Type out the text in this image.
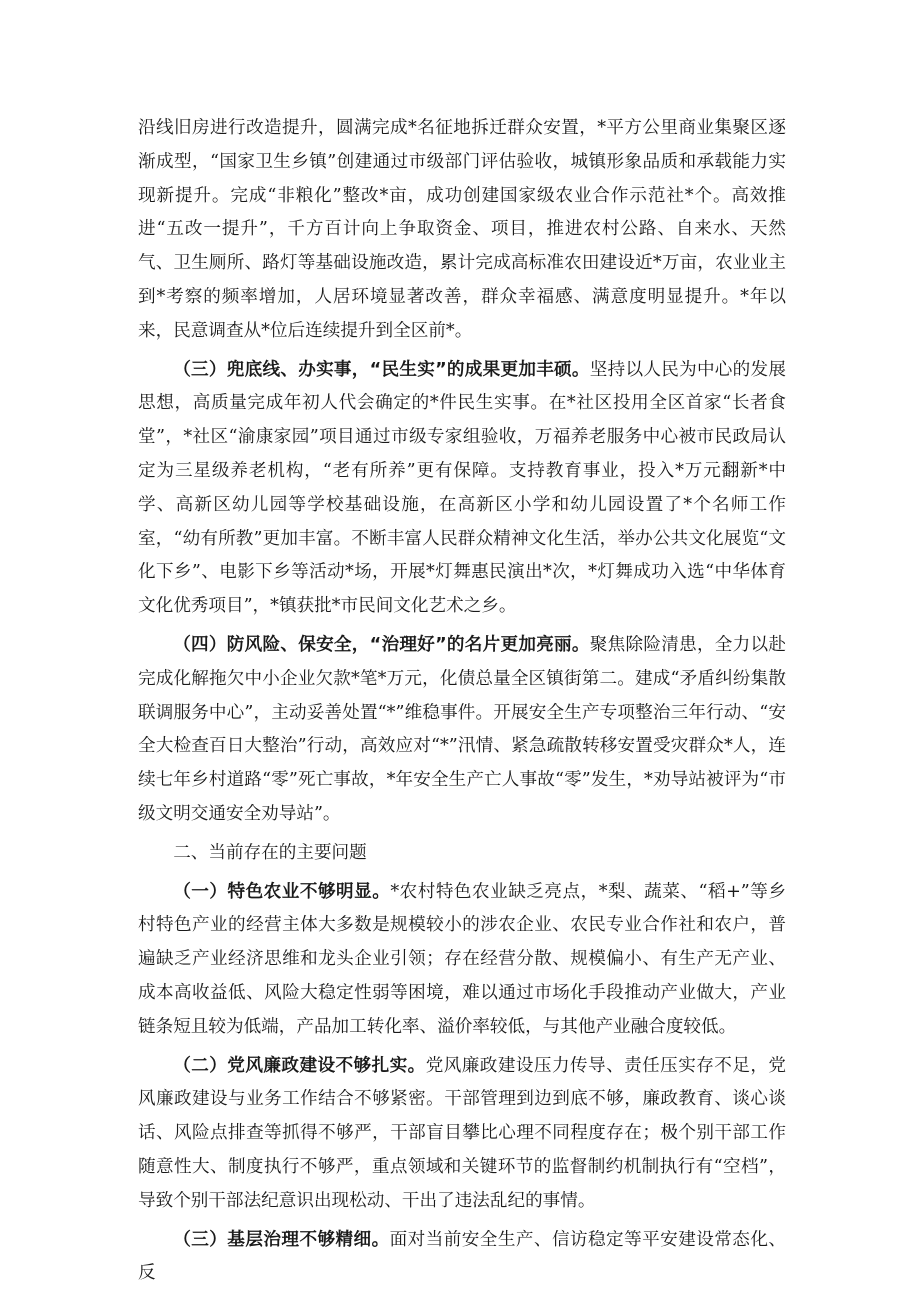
沿线旧房进行改造提升，圆满完成*名征地拆迁群众安置，*平方公里商业集聚区逐渐成型，“国家卫生乡镇”创建通过市级部门评估验收，城镇形象品质和承载能力实现新提升。完成“非粮化”整改*亩，成功创建国家级农业合作示范社*个。高效推进“五改一提升”，千方百计向上争取资金、项目，推进农村公路、自来水、天然气、卫生厕所、路灯等基础设施改造，累计完成高标准农田建设近*万亩，农业业主到*考察的频率增加，人居环境显著改善，群众幸福感、满意度明显提升。*年以来，民意调查从*位后连续提升到全区前*。

（三）兜底线、办实事，“民生实”的成果更加丰硕。坚持以人民为中心的发展思想，高质量完成年初人代会确定的*件民生实事。在*社区投用全区首家“长者食堂”，*社区“渝康家园”项目通过市级专家组验收，万福养老服务中心被市民政局认定为三星级养老机构，“老有所养”更有保障。支持教育事业，投入*万元翻新*中学、高新区幼儿园等学校基础设施，在高新区小学和幼儿园设置了*个名师工作室，“幼有所教”更加丰富。不断丰富人民群众精神文化生活，举办公共文化展览“文化下乡”、电影下乡等活动*场，开展*灯舞惠民演出*次，*灯舞成功入选“中华体育文化优秀项目”，*镇获批*市民间文化艺术之乡。

（四）防风险、保安全，“治理好”的名片更加亮丽。聚焦除险清患，全力以赴完成化解拖欠中小企业欠款*笔*万元，化债总量全区镇街第二。建成“矛盾纠纷集散联调服务中心”，主动妥善处置“*”维稳事件。开展安全生产专项整治三年行动、“安全大检查百日大整治”行动，高效应对“*”汛情、紧急疏散转移安置受灾群众*人，连续七年乡村道路“零”死亡事故，*年安全生产亡人事故“零”发生，*劝导站被评为“市级文明交通安全劝导站”。

二、当前存在的主要问题

（一）特色农业不够明显。*农村特色农业缺乏亮点，*梨、蔬菜、“稻+”等乡村特色产业的经营主体大多数是规模较小的涉农企业、农民专业合作社和农户，普遍缺乏产业经济思维和龙头企业引领；存在经营分散、规模偏小、有生产无产业、成本高收益低、风险大稳定性弱等困境，难以通过市场化手段推动产业做大，产业链条短且较为低端，产品加工转化率、溢价率较低，与其他产业融合度较低。

（二）党风廉政建设不够扎实。党风廉政建设压力传导、责任压实存不足，党风廉政建设与业务工作结合不够紧密。干部管理到边到底不够，廉政教育、谈心谈话、风险点排查等抓得不够严，干部盲目攀比心理不同程度存在；极个别干部工作随意性大、制度执行不够严，重点领域和关键环节的监督制约机制执行有“空档”，导致个别干部法纪意识出现松动、干出了违法乱纪的事情。

（三）基层治理不够精细。面对当前安全生产、信访稳定等平安建设常态化、反
